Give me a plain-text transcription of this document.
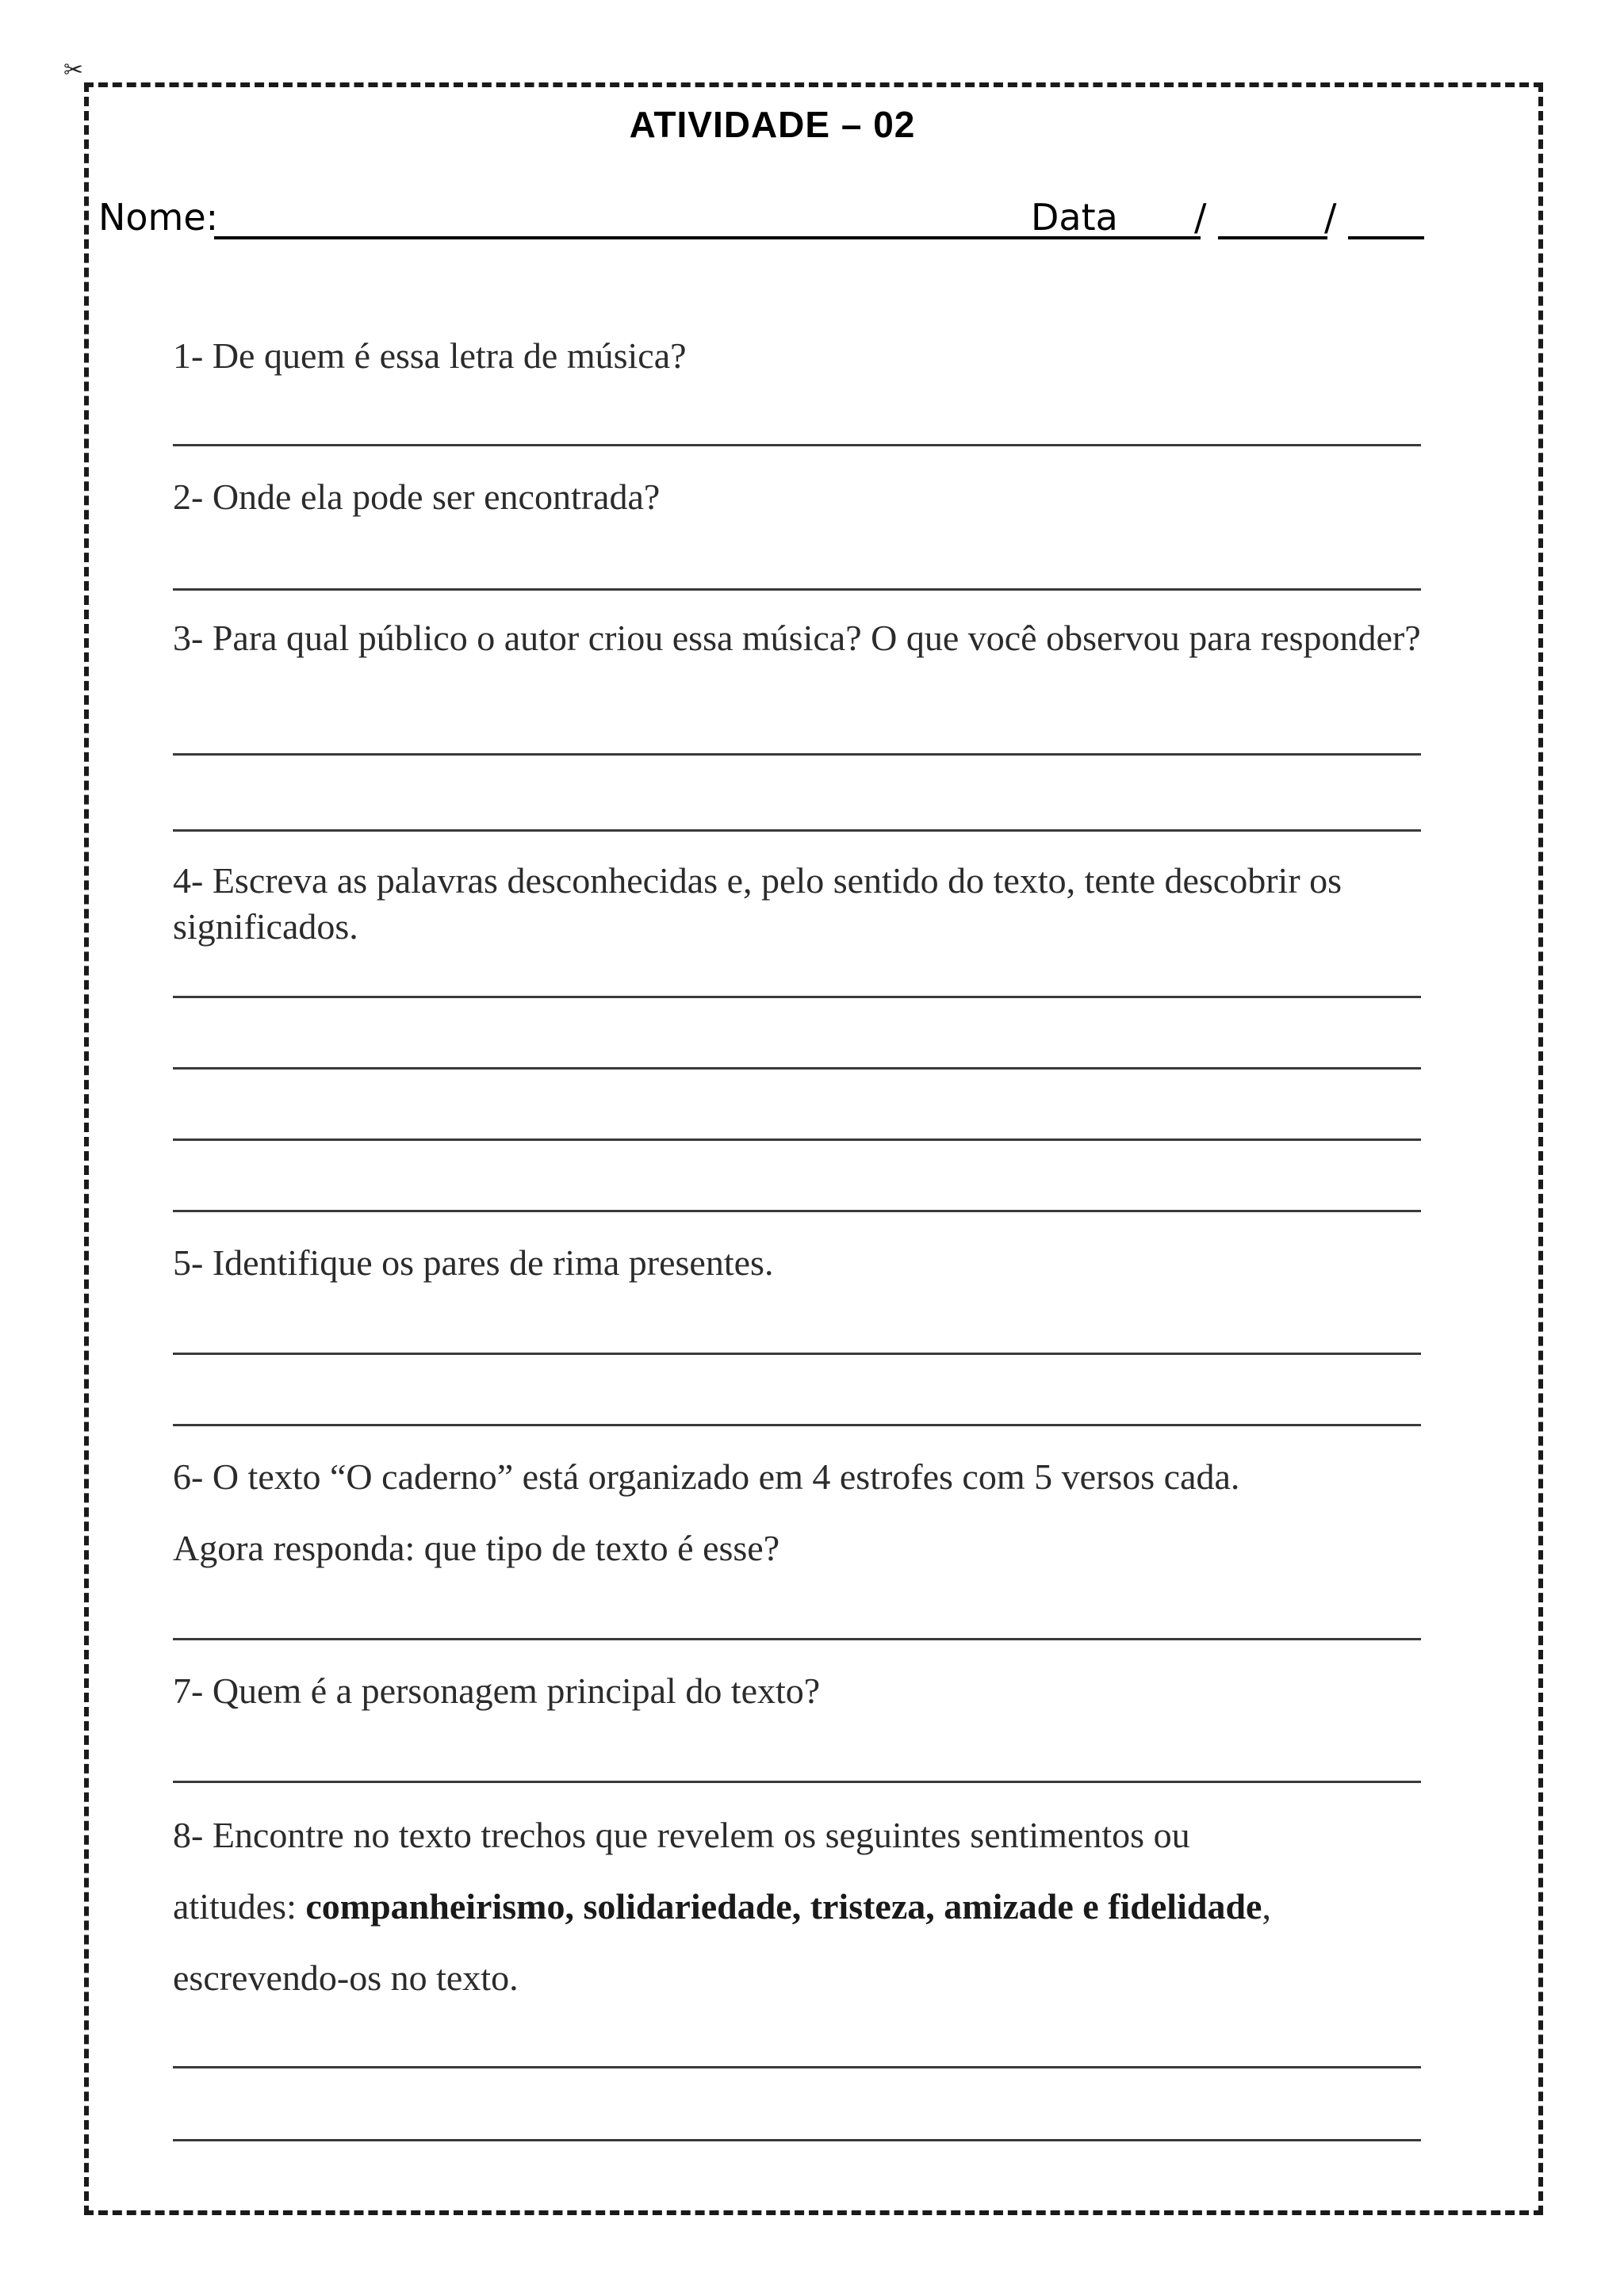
✂
ATIVIDADE – 02
Nome:	Data /	/
1- De quem é essa letra de música?
2- Onde ela pode ser encontrada?
3- Para qual público o autor criou essa música? O que você observou para responder?
4- Escreva as palavras desconhecidas e, pelo sentido do texto, tente descobrir os significados.
5- Identifique os pares de rima presentes.
6- O texto “O caderno” está organizado em 4 estrofes com 5 versos cada.
Agora responda: que tipo de texto é esse?
7- Quem é a personagem principal do texto?
8- Encontre no texto trechos que revelem os seguintes sentimentos ou
atitudes: companheirismo, solidariedade, tristeza, amizade e fidelidade,
escrevendo-os no texto.
